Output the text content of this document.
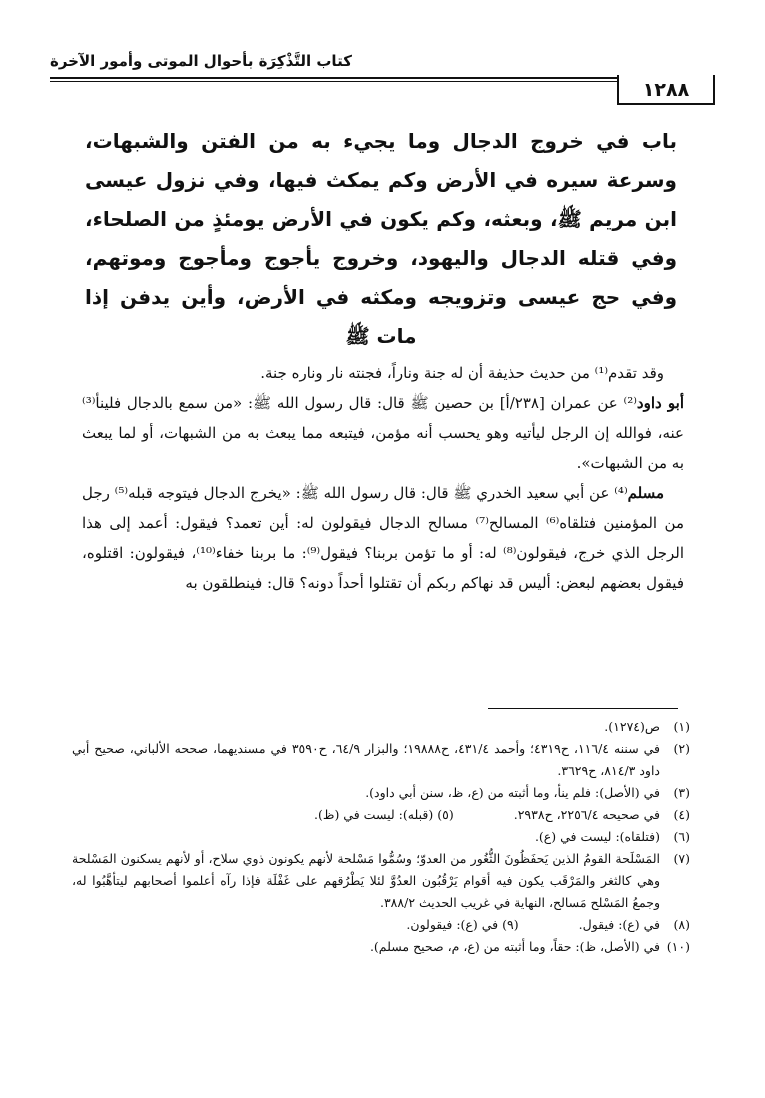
كتاب التَّذْكِرَة بأحوال الموتى وأمور الآخرة
١٢٨٨
باب في خروج الدجال وما يجيء به من الفتن والشبهات، وسرعة سيره في الأرض وكم يمكث فيها، وفي نزول عيسى ابن مريم ﷺ، وبعثه، وكم يكون في الأرض يومئذٍ من الصلحاء، وفي قتله الدجال واليهود، وخروج يأجوج ومأجوج وموتهم، وفي حج عيسى وتزويجه ومكثه في الأرض، وأين يدفن إذا مات ﷺ

وقد تقدم⁽¹⁾ من حديث حذيفة أن له جنة وناراً، فجنته نار وناره جنة.

أبو داود⁽²⁾ عن عمران [٢٣٨/أ] بن حصين ﷺ قال: قال رسول الله ﷺ: «من سمع بالدجال فلينأ⁽³⁾ عنه، فوالله إن الرجل ليأتيه وهو يحسب أنه مؤمن، فيتبعه مما يبعث به من الشبهات، أو لما يبعث به من الشبهات».

مسلم⁽⁴⁾ عن أبي سعيد الخدري ﷺ قال: قال رسول الله ﷺ: «يخرج الدجال فيتوجه قبله⁽⁵⁾ رجل من المؤمنين فتلقاه⁽⁶⁾ المسالح⁽⁷⁾ مسالح الدجال فيقولون له: أين تعمد؟ فيقول: أعمد إلى هذا الرجل الذي خرج، فيقولون⁽⁸⁾ له: أو ما تؤمن بربنا؟ فيقول⁽⁹⁾: ما بربنا خفاء⁽¹⁰⁾، فيقولون: اقتلوه، فيقول بعضهم لبعض: أليس قد نهاكم ربكم أن تقتلوا أحداً دونه؟ قال: فينطلقون به

(١)
ص(١٢٧٤).
(٢)
في سننه ١١٦/٤، ح٤٣١٩؛ وأحمد ٤٣١/٤، ح١٩٨٨٨؛ والبزار ٦٤/٩، ح٣٥٩٠ في مسنديهما، صححه الألباني، صحيح أبي داود ٨١٤/٣، ح٣٦٢٩.
(٣)
في (الأصل): فلم ينأ، وما أثبته من (ع، ظ، سنن أبي داود).
(٤)
في صحيحه ٢٢٥٦/٤، ح٢٩٣٨.(٥)(قبله): ليست في (ظ).
(٦)
(فتلقاه): ليست في (ع).
(٧)
المَسْلَحة القومُ الذين يَحفَظُونَ الثُّغُور من العدوّ؛ وسُمُّوا مَسْلحة لأنهم يكونون ذوي سلاح، أو لأنهم يسكنون المَسْلحة وهي كالثغر والمَرْقَب يكون فيه أقوام يَرْقُبُون العدُوَّ لئلا يَطْرُقهم على غَفْلَة فإذا رآه أعلموا أصحابهم ليتأهَّبُوا له، وجمعُ المَسْلح مَسالح، النهاية في غريب الحديث ٣٨٨/٢.
(٨)
في (ع): فيقول.(٩)في (ع): فيقولون.
(١٠)
في (الأصل، ظ): حقاً، وما أثبته من (ع، م، صحيح مسلم).
